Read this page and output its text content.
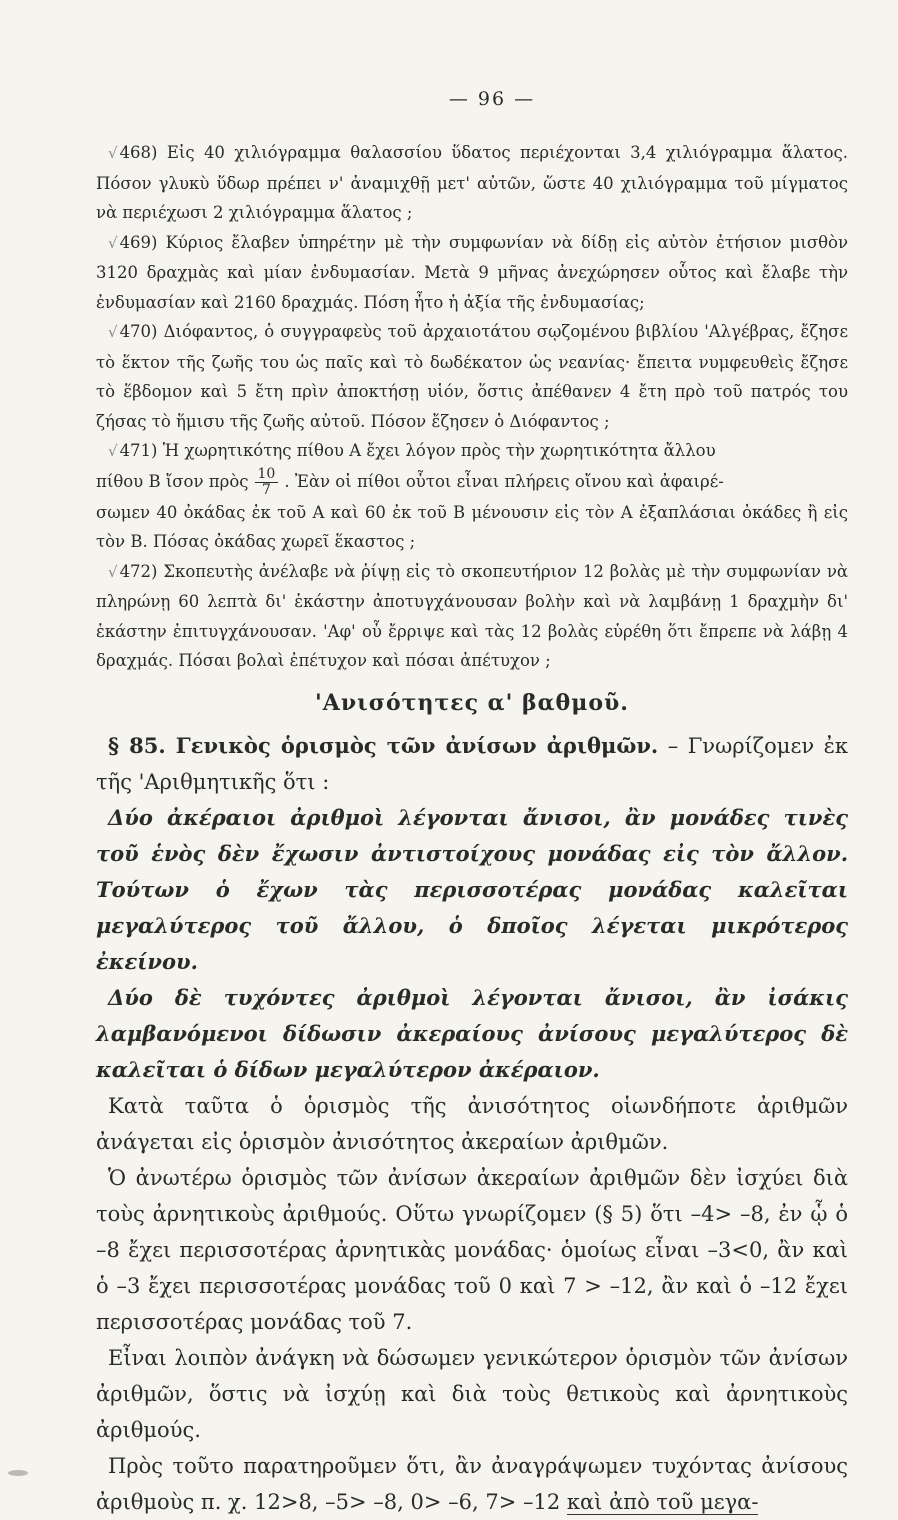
— 96 —

√ 468) Εἰς 40 χιλιόγραμμα θαλασσίου ὕδατος περιέχονται 3,4 χιλιόγραμμα ἅλατος. Πόσον γλυκὺ ὕδωρ πρέπει ν' ἀναμιχθῇ μετ' αὐτῶν, ὥστε 40 χιλιόγραμμα τοῦ μίγματος νὰ περιέχωσι 2 χιλιόγραμμα ἅλατος ;

√ 469) Κύριος ἔλαβεν ὑπηρέτην μὲ τὴν συμφωνίαν νὰ δίδῃ εἰς αὐτὸν ἐτήσιον μισθὸν 3120 δραχμὰς καὶ μίαν ἐνδυμασίαν. Μετὰ 9 μῆνας ἀνεχώρησεν οὗτος καὶ ἔλαβε τὴν ἐνδυμασίαν καὶ 2160 δραχμάς. Πόση ἦτο ἡ ἀξία τῆς ἐνδυμασίας;

√ 470) Διόφαντος, ὁ συγγραφεὺς τοῦ ἀρχαιοτάτου σῳζομένου βιβλίου 'Αλγέβρας, ἔζησε τὸ ἕκτον τῆς ζωῆς του ὡς παῖς καὶ τὸ δωδέκατον ὡς νεανίας· ἔπειτα νυμφευθεὶς ἔζησε τὸ ἕβδομον καὶ 5 ἔτη πρὶν ἀποκτήσῃ υἱόν, ὅστις ἀπέθανεν 4 ἔτη πρὸ τοῦ πατρός του ζήσας τὸ ἥμισυ τῆς ζωῆς αὐτοῦ. Πόσον ἔζησεν ὁ Διόφαντος ;

√ 471) Ἡ χωρητικότης πίθου Α ἔχει λόγον πρὸς τὴν χωρητικότητα ἄλλου

πίθου Β ἴσον πρὸς $\frac{10}{7}$ . Ἐὰν οἱ πίθοι οὗτοι εἶναι πλήρεις οἴνου καὶ ἀφαιρέ-

σωμεν 40 ὀκάδας ἐκ τοῦ Α καὶ 60 ἐκ τοῦ Β μένουσιν εἰς τὸν Α ἐξαπλάσιαι ὀκάδες ἢ εἰς τὸν Β. Πόσας ὀκάδας χωρεῖ ἕκαστος ;

√ 472) Σκοπευτὴς ἀνέλαβε νὰ ῥίψῃ εἰς τὸ σκοπευτήριον 12 βολὰς μὲ τὴν συμφωνίαν νὰ πληρώνῃ 60 λεπτὰ δι' ἑκάστην ἀποτυγχάνουσαν βολὴν καὶ νὰ λαμβάνῃ 1 δραχμὴν δι' ἑκάστην ἐπιτυγχάνουσαν. 'Αφ' οὗ ἔρριψε καὶ τὰς 12 βολὰς εὑρέθη ὅτι ἔπρεπε νὰ λάβῃ 4 δραχμάς. Πόσαι βολαὶ ἐπέτυχον καὶ πόσαι ἀπέτυχον ;

'Ανισότητες α' βαθμοῦ.

§ 85. Γενικὸς ὁρισμὸς τῶν ἀνίσων ἀριθμῶν. – Γνωρίζομεν ἐκ τῆς 'Αριθμητικῆς ὅτι :

Δύο ἀκέραιοι ἀριθμοὶ λέγονται ἄνισοι, ἂν μονάδες τινὲς τοῦ ἑνὸς δὲν ἔχωσιν ἀντιστοίχους μονάδας εἰς τὸν ἄλλον. Τούτων ὁ ἔχων τὰς περισσοτέρας μονάδας καλεῖται μεγαλύτερος τοῦ ἄλλου, ὁ δποῖος λέγεται μικρότερος ἐκείνου.

Δύο δὲ τυχόντες ἀριθμοὶ λέγονται ἄνισοι, ἂν ἰσάκις λαμβανόμενοι δίδωσιν ἀκεραίους ἀνίσους μεγαλύτερος δὲ καλεῖται ὁ δίδων μεγαλύτερον ἀκέραιον.

Κατὰ ταῦτα ὁ ὁρισμὸς τῆς ἀνισότητος οἱωνδήποτε ἀριθμῶν ἀνάγεται εἰς ὁρισμὸν ἀνισότητος ἀκεραίων ἀριθμῶν.

Ὁ ἀνωτέρω ὁρισμὸς τῶν ἀνίσων ἀκεραίων ἀριθμῶν δὲν ἰσχύει διὰ τοὺς ἀρνητικοὺς ἀριθμούς. Οὕτω γνωρίζομεν (§ 5) ὅτι –4> –8, ἐν ᾧ ὁ –8 ἔχει περισσοτέρας ἀρνητικὰς μονάδας· ὁμοίως εἶναι –3<0, ἂν καὶ ὁ –3 ἔχει περισσοτέρας μονάδας τοῦ 0 καὶ 7 > –12, ἂν καὶ ὁ –12 ἔχει περισσοτέρας μονάδας τοῦ 7.

Εἶναι λοιπὸν ἀνάγκη νὰ δώσωμεν γενικώτερον ὁρισμὸν τῶν ἀνίσων ἀριθμῶν, ὅστις νὰ ἰσχύῃ καὶ διὰ τοὺς θετικοὺς καὶ ἀρνητικοὺς ἀριθμούς.

Πρὸς τοῦτο παρατηροῦμεν ὅτι, ἂν ἀναγράψωμεν τυχόντας ἀνίσους ἀριθμοὺς π. χ. 12>8, –5> –8, 0> –6, 7> –12 καὶ ἀπὸ τοῦ μεγα-
